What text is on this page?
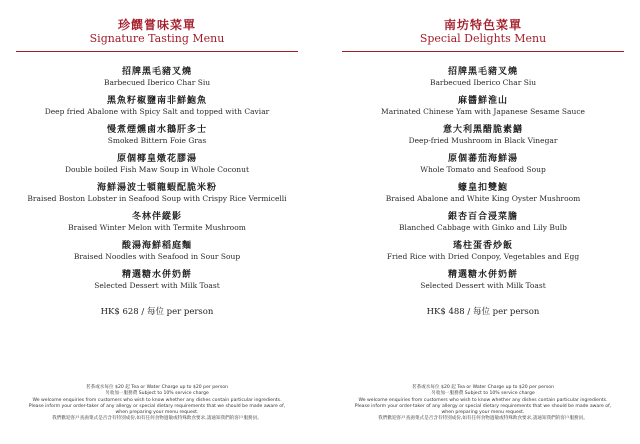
珍饌嘗味菜單
Signature Tasting Menu
招牌黑毛豬叉燒
Barbecued Iberico Char Siu
黑魚籽椒鹽南非鮮鮑魚
Deep fried Abalone with Spicy Salt and topped with Caviar
慢煮煙燻鹵水鵝肝多士
Smoked Bittern Foie Gras
原個椰皇燉花膠湯
Double boiled Fish Maw Soup in Whole Coconut
海鮮湯波士頓龍蝦配脆米粉
Braised Boston Lobster in Seafood Soup with Crispy Rice Vermicelli
冬林伴縱影
Braised Winter Melon with Termite Mushroom
酸湯海鮮稻庭麵
Braised Noodles with Seafood in Sour Soup
精選糖水併奶餅
Selected Dessert with Milk Toast
HK$ 628 / 每位 per person
茗茶或水每位 $20 起 Tea or Water Charge up to $20 per person
另收加一服務費 Subject to 10% service charge
We welcome enquiries from customers who wish to know whether any dishes contain particular ingredients.
Please inform your order-taker of any allergy or special dietary requirements that we should be made aware of,
when preparing your menu request.
我們歡迎客戶查詢菜式是否含有特別成份,如有任何食物過敏或特殊飲食要求,請通知我們的客戶服務員。
南坊特色菜單
Special Delights Menu
招牌黑毛豬叉燒
Barbecued Iberico Char Siu
麻醬鮮淮山
Marinated Chinese Yam with Japanese Sesame Sauce
意大利黑醋脆素鱔
Deep-fried Mushroom in Black Vinegar
原個蕃茄海鮮湯
Whole Tomato and Seafood Soup
蠔皇扣雙鮑
Braised Abalone and White King Oyster Mushroom
銀杏百合浸菜膽
Blanched Cabbage with Ginko and Lily Bulb
瑤柱蛋香炒飯
Fried Rice with Dried Conpoy, Vegetables and Egg
精選糖水併奶餅
Selected Dessert with Milk Toast
HK$ 488 / 每位 per person
茗茶或水每位 $20 起 Tea or Water Charge up to $20 per person
另收加一服務費 Subject to 10% service charge
We welcome enquiries from customers who wish to know whether any dishes contain particular ingredients.
Please inform your order-taker of any allergy or special dietary requirements that we should be made aware of,
when preparing your menu request.
我們歡迎客戶查詢菜式是否含有特別成份,如有任何食物過敏或特殊飲食要求,請通知我們的客戶服務員。
